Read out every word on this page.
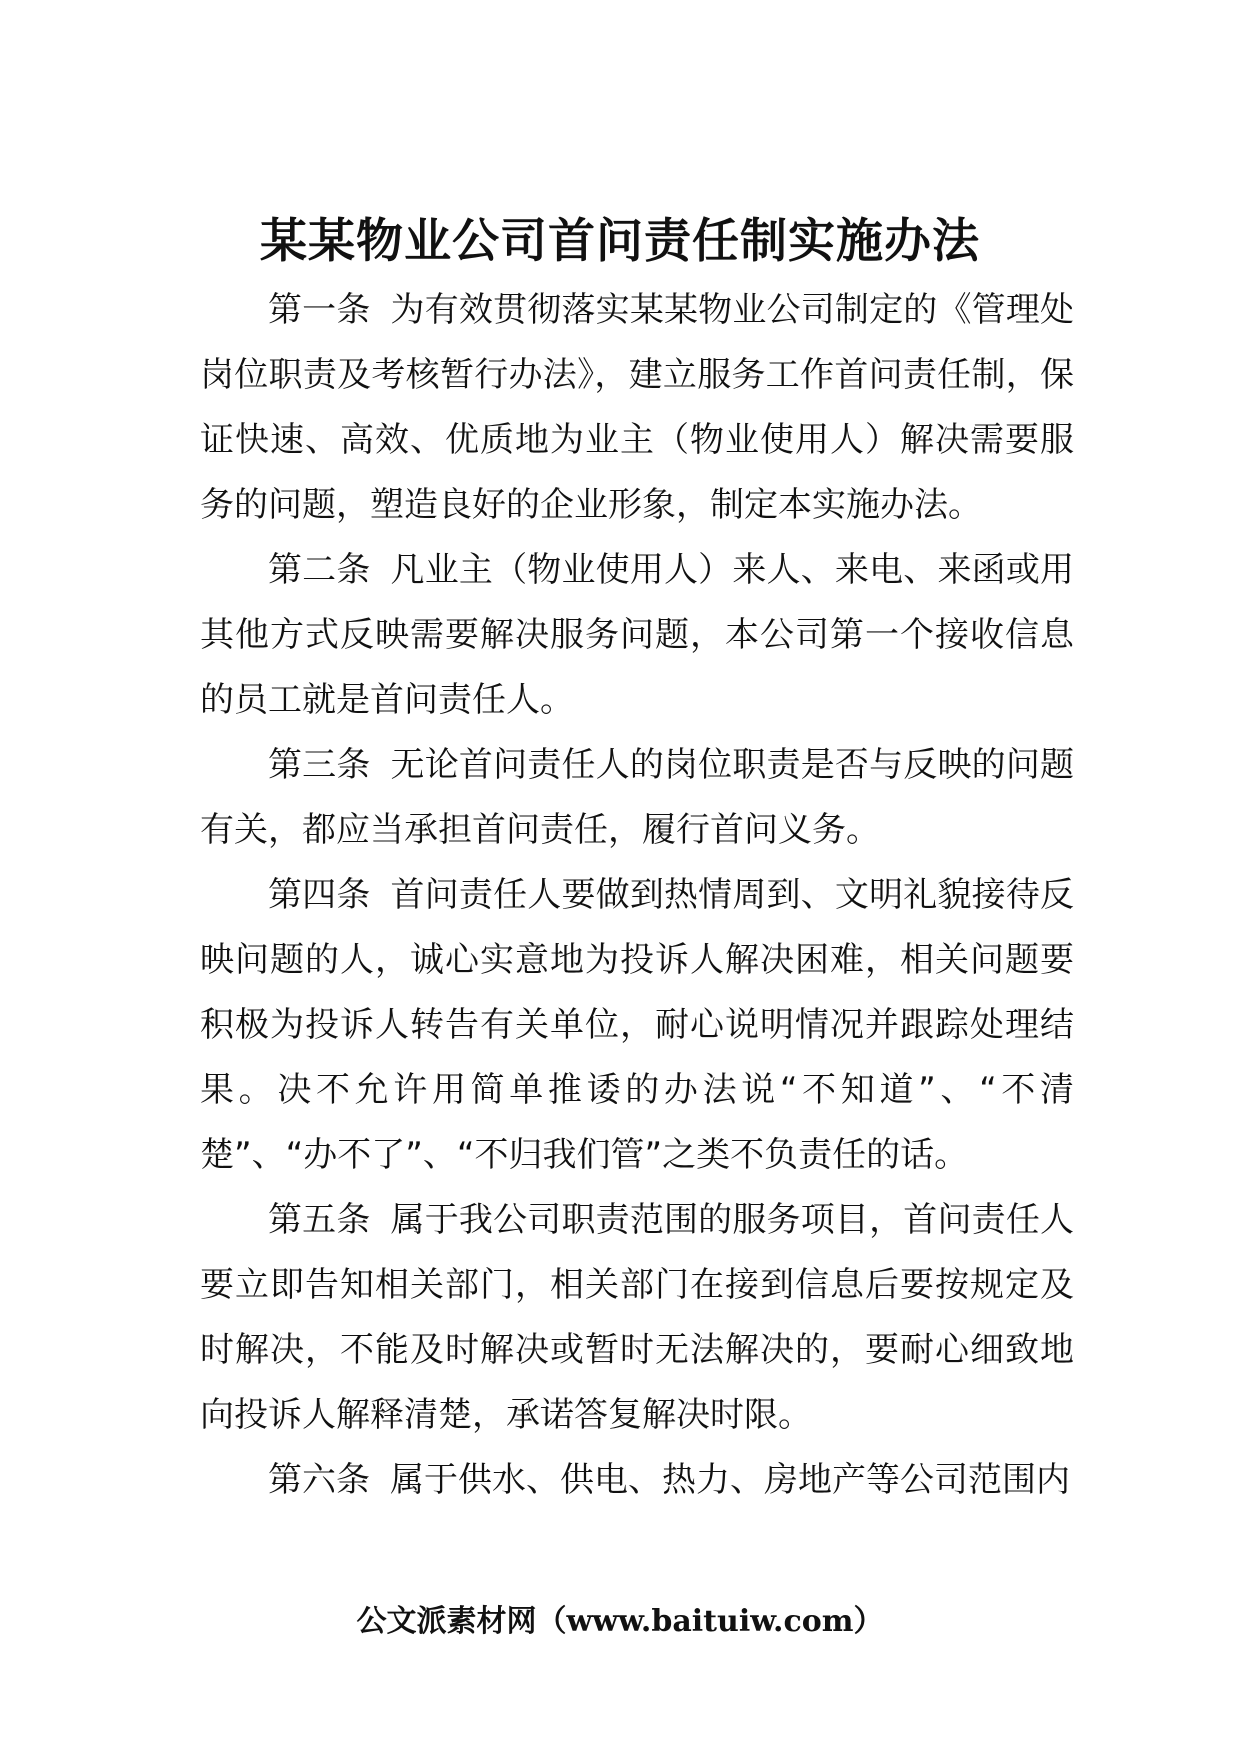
某某物业公司首问责任制实施办法

第一条 为有效贯彻落实某某物业公司制定的《管理处岗位职责及考核暂行办法》，建立服务工作首问责任制，保证快速、高效、优质地为业主（物业使用人）解决需要服务的问题，塑造良好的企业形象，制定本实施办法。

第二条 凡业主（物业使用人）来人、来电、来函或用其他方式反映需要解决服务问题，本公司第一个接收信息的员工就是首问责任人。

第三条 无论首问责任人的岗位职责是否与反映的问题有关，都应当承担首问责任，履行首问义务。

第四条 首问责任人要做到热情周到、文明礼貌接待反映问题的人，诚心实意地为投诉人解决困难，相关问题要积极为投诉人转告有关单位，耐心说明情况并跟踪处理结果。决不允许用简单推诿的办法说“不知道”、“不清楚”、“办不了”、“不归我们管”之类不负责任的话。

第五条 属于我公司职责范围的服务项目，首问责任人要立即告知相关部门，相关部门在接到信息后要按规定及时解决，不能及时解决或暂时无法解决的，要耐心细致地向投诉人解释清楚，承诺答复解决时限。

第六条 属于供水、供电、热力、房地产等公司范围内

公文派素材网（www.baituiw.com）
